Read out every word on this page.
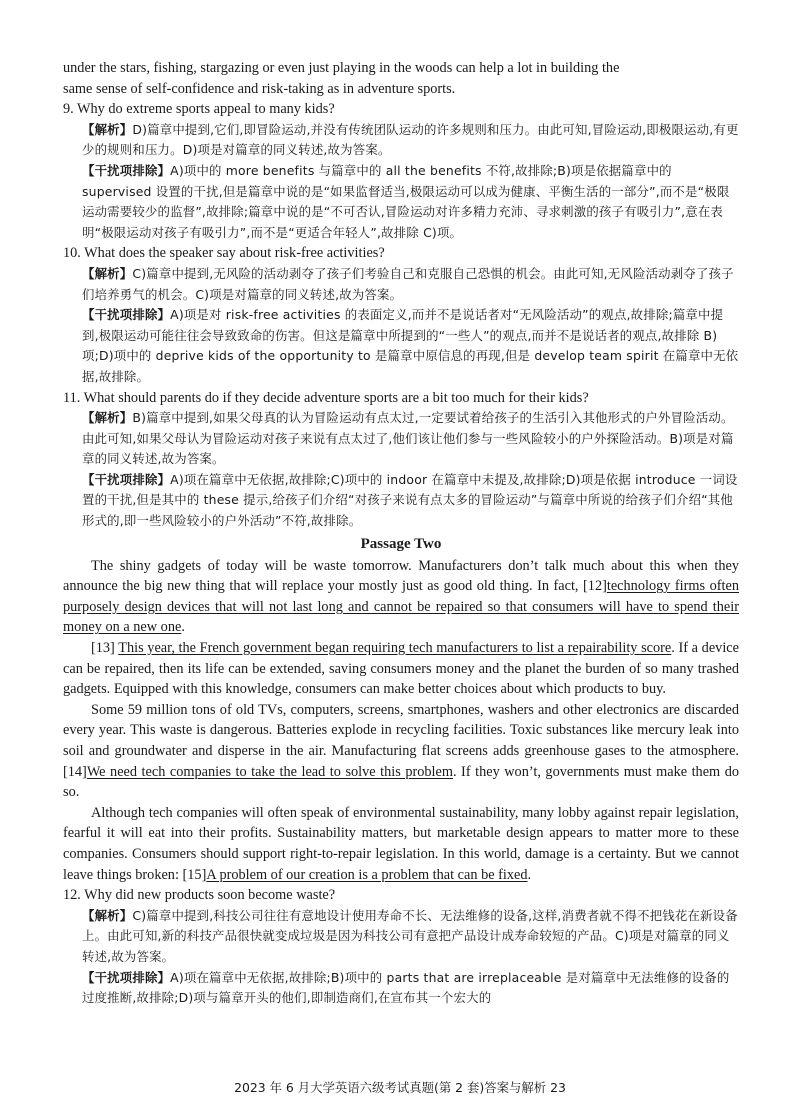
under the stars, fishing, stargazing or even just playing in the woods can help a lot in building the
same sense of self-confidence and risk-taking as in adventure sports.
9. Why do extreme sports appeal to many kids?
【解析】D)篇章中提到,它们,即冒险运动,并没有传统团队运动的许多规则和压力。由此可知,冒险运动,即极限运动,有更少的规则和压力。D)项是对篇章的同义转述,故为答案。
【干扰项排除】A)项中的 more benefits 与篇章中的 all the benefits 不符,故排除;B)项是依据篇章中的 supervised 设置的干扰,但是篇章中说的是“如果监督适当,极限运动可以成为健康、平衡生活的一部分”,而不是“极限运动需要较少的监督”,故排除;篇章中说的是“不可否认,冒险运动对许多精力充沛、寻求刺激的孩子有吸引力”,意在表明“极限运动对孩子有吸引力”,而不是“更适合年轻人”,故排除 C)项。
10. What does the speaker say about risk-free activities?
【解析】C)篇章中提到,无风险的活动剥夺了孩子们考验自己和克服自己恐惧的机会。由此可知,无风险活动剥夺了孩子们培养勇气的机会。C)项是对篇章的同义转述,故为答案。
【干扰项排除】A)项是对 risk-free activities 的表面定义,而并不是说话者对“无风险活动”的观点,故排除;篇章中提到,极限运动可能往往会导致致命的伤害。但这是篇章中所提到的“一些人”的观点,而并不是说话者的观点,故排除 B)项;D)项中的 deprive kids of the opportunity to 是篇章中原信息的再现,但是 develop team spirit 在篇章中无依据,故排除。
11. What should parents do if they decide adventure sports are a bit too much for their kids?
【解析】B)篇章中提到,如果父母真的认为冒险运动有点太过,一定要试着给孩子的生活引入其他形式的户外冒险活动。由此可知,如果父母认为冒险运动对孩子来说有点太过了,他们该让他们参与一些风险较小的户外探险活动。B)项是对篇章的同义转述,故为答案。
【干扰项排除】A)项在篇章中无依据,故排除;C)项中的 indoor 在篇章中未提及,故排除;D)项是依据 introduce 一词设置的干扰,但是其中的 these 提示,给孩子们介绍“对孩子来说有点太多的冒险运动”与篇章中所说的给孩子们介绍“其他形式的,即一些风险较小的户外活动”不符,故排除。
Passage Two
The shiny gadgets of today will be waste tomorrow. Manufacturers don’t talk much about this when they announce the big new thing that will replace your mostly just as good old thing. In fact, [12]technology firms often purposely design devices that will not last long and cannot be repaired so that consumers will have to spend their money on a new one.
[13] This year, the French government began requiring tech manufacturers to list a repairability score. If a device can be repaired, then its life can be extended, saving consumers money and the planet the burden of so many trashed gadgets. Equipped with this knowledge, consumers can make better choices about which products to buy.
Some 59 million tons of old TVs, computers, screens, smartphones, washers and other electronics are discarded every year. This waste is dangerous. Batteries explode in recycling facilities. Toxic substances like mercury leak into soil and groundwater and disperse in the air. Manufacturing flat screens adds greenhouse gases to the atmosphere. [14]We need tech companies to take the lead to solve this problem. If they won’t, governments must make them do so.
Although tech companies will often speak of environmental sustainability, many lobby against repair legislation, fearful it will eat into their profits. Sustainability matters, but marketable design appears to matter more to these companies. Consumers should support right-to-repair legislation. In this world, damage is a certainty. But we cannot leave things broken: [15]A problem of our creation is a problem that can be fixed.
12. Why did new products soon become waste?
【解析】C)篇章中提到,科技公司往往有意地设计使用寿命不长、无法维修的设备,这样,消费者就不得不把钱花在新设备上。由此可知,新的科技产品很快就变成垃圾是因为科技公司有意把产品设计成寿命较短的产品。C)项是对篇章的同义转述,故为答案。
【干扰项排除】A)项在篇章中无依据,故排除;B)项中的 parts that are irreplaceable 是对篇章中无法维修的设备的过度推断,故排除;D)项与篇章开头的他们,即制造商们,在宣布其一个宏大的
2023 年 6 月大学英语六级考试真题(第 2 套)答案与解析 23
